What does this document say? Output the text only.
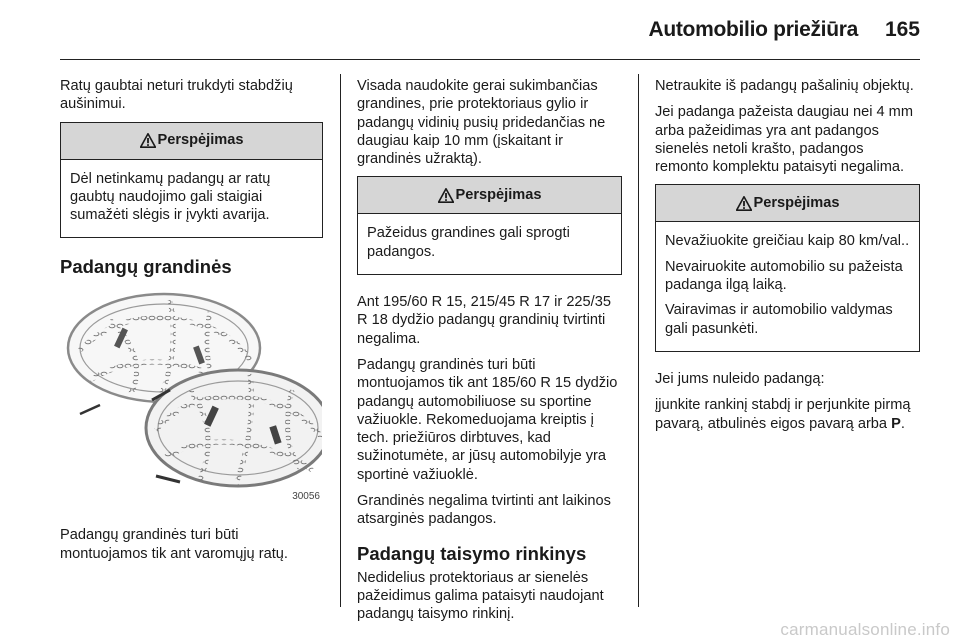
Automobilio priežiūra 165

Ratų gaubtai neturi trukdyti stabdžių aušinimui.

Perspėjimas

Dėl netinkamų padangų ar ratų gaubtų naudojimo gali staigiai sumažėti slėgis ir įvykti avarija.

Padangų grandinės
30056

Padangų grandinės turi būti montuojamos tik ant varomųjų ratų.

Visada naudokite gerai sukimbančias grandines, prie protektoriaus gylio ir padangų vidinių pusių pridedančias ne daugiau kaip 10 mm (įskaitant ir grandinės užraktą).

Perspėjimas

Pažeidus grandines gali sprogti padangos.

Ant 195/60 R 15, 215/45 R 17 ir 225/35 R 18 dydžio padangų grandinių tvirtinti negalima.

Padangų grandinės turi būti montuojamos tik ant 185/60 R 15 dydžio padangų automobiliuose su sportine važiuokle. Rekomeduojama kreiptis į tech. priežiūros dirbtuves, kad sužinotumėte, ar jūsų automobilyje yra sportinė važiuoklė.

Grandinės negalima tvirtinti ant laikinos atsarginės padangos.

Padangų taisymo rinkinys

Nedidelius protektoriaus ar sienelės pažeidimus galima pataisyti naudojant padangų taisymo rinkinį.

Netraukite iš padangų pašalinių objektų.

Jei padanga pažeista daugiau nei 4 mm arba pažeidimas yra ant padangos sienelės netoli krašto, padangos remonto komplektu pataisyti negalima.

Perspėjimas

Nevažiuokite greičiau kaip 80 km/val..

Nevairuokite automobilio su pažeista padanga ilgą laiką.

Vairavimas ir automobilio valdymas gali pasunkėti.

Jei jums nuleido padangą:

įjunkite rankinį stabdį ir perjunkite pirmą pavarą, atbulinės eigos pavarą arba P.

carmanualsonline.info
